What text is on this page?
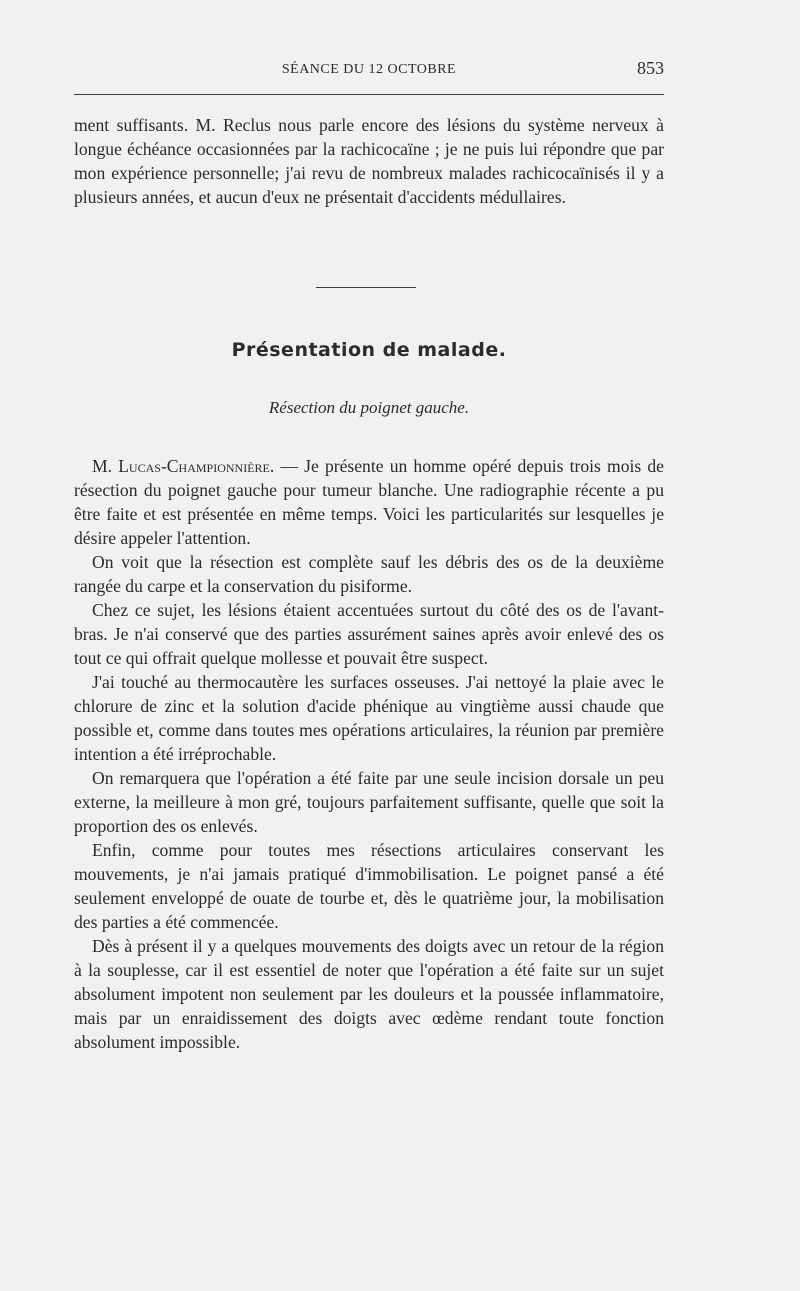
SÉANCE DU 12 OCTOBRE	853

ment suffisants. M. Reclus nous parle encore des lésions du système nerveux à longue échéance occasionnées par la rachicocaïne ; je ne puis lui répondre que par mon expérience personnelle; j'ai revu de nombreux malades rachicocaïnisés il y a plusieurs années, et aucun d'eux ne présentait d'accidents médullaires.

Présentation de malade.
Résection du poignet gauche.

M. Lucas-Championnière. — Je présente un homme opéré depuis trois mois de résection du poignet gauche pour tumeur blanche. Une radiographie récente a pu être faite et est présentée en même temps. Voici les particularités sur lesquelles je désire appeler l'attention.

On voit que la résection est complète sauf les débris des os de la deuxième rangée du carpe et la conservation du pisiforme.

Chez ce sujet, les lésions étaient accentuées surtout du côté des os de l'avant-bras. Je n'ai conservé que des parties assurément saines après avoir enlevé des os tout ce qui offrait quelque mollesse et pouvait être suspect.

J'ai touché au thermocautère les surfaces osseuses. J'ai nettoyé la plaie avec le chlorure de zinc et la solution d'acide phénique au vingtième aussi chaude que possible et, comme dans toutes mes opérations articulaires, la réunion par première intention a été irréprochable.

On remarquera que l'opération a été faite par une seule incision dorsale un peu externe, la meilleure à mon gré, toujours parfaitement suffisante, quelle que soit la proportion des os enlevés.

Enfin, comme pour toutes mes résections articulaires conservant les mouvements, je n'ai jamais pratiqué d'immobilisation. Le poignet pansé a été seulement enveloppé de ouate de tourbe et, dès le quatrième jour, la mobilisation des parties a été commencée.

Dès à présent il y a quelques mouvements des doigts avec un retour de la région à la souplesse, car il est essentiel de noter que l'opération a été faite sur un sujet absolument impotent non seulement par les douleurs et la poussée inflammatoire, mais par un enraidissement des doigts avec œdème rendant toute fonction absolument impossible.
